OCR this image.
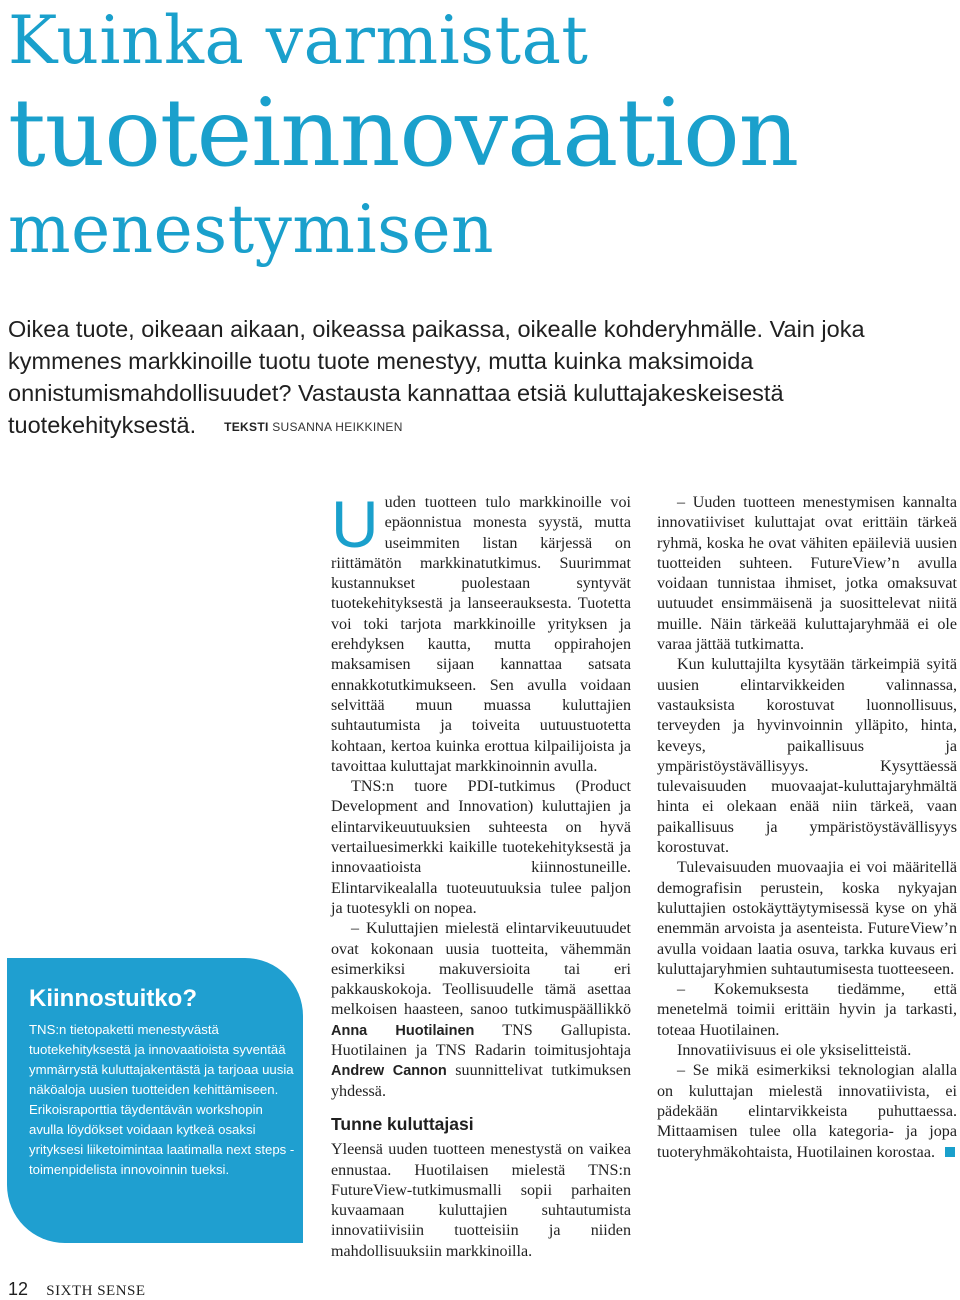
Kuinka varmistat
tuoteinnovaation
menestymisen

Oikea tuote, oikeaan aikaan, oikeassa paikassa, oikealle kohderyhmälle. Vain joka kymmenes markkinoille tuotu tuote menestyy, mutta kuinka maksimoida onnistumismahdollisuudet? Vastausta kannattaa etsiä kuluttajakeskeisestä tuotekehityksestä. TEKSTI SUSANNA HEIKKINEN

Kiinnostuitko?

TNS:n tietopaketti menestyvästä tuotekehityksestä ja innovaatioista syventää ymmärrystä kuluttajakentästä ja tarjoaa uusia näköaloja uusien tuotteiden kehittämiseen. Erikoisraporttia täydentävän workshopin avulla löydökset voidaan kytkeä osaksi yrityksesi liiketoimintaa laatimalla next steps -toimenpidelista innovoinnin tueksi.

Uuden tuotteen tulo markkinoille voi epäonnistua monesta syystä, mutta useimmiten listan kärjessä on riittämätön markkinatutkimus. Suurimmat kustannukset puolestaan syntyvät tuotekehityksestä ja lanseerauksesta. Tuotetta voi toki tarjota markkinoille yrityksen ja erehdyksen kautta, mutta oppirahojen maksamisen sijaan kannattaa satsata ennakkotutkimukseen. Sen avulla voidaan selvittää muun muassa kuluttajien suhtautumista ja toiveita uutuustuotetta kohtaan, kertoa kuinka erottua kilpailijoista ja tavoittaa kuluttajat markkinoinnin avulla.

TNS:n tuore PDI-tutkimus (Product Development and Innovation) kuluttajien ja elintarvikeuutuuksien suhteesta on hyvä vertailuesimerkki kaikille tuotekehityksestä ja innovaatioista kiinnostuneille. Elintarvikealalla tuoteuutuuksia tulee paljon ja tuotesykli on nopea.

– Kuluttajien mielestä elintarvikeuutuudet ovat kokonaan uusia tuotteita, vähemmän esimerkiksi makuversioita tai eri pakkauskokoja. Teollisuudelle tämä asettaa melkoisen haasteen, sanoo tutkimuspäällikkö Anna Huotilainen TNS Gallupista. Huotilainen ja TNS Radarin toimitusjohtaja Andrew Cannon suunnittelivat tutkimuksen yhdessä.

Tunne kuluttajasi

Yleensä uuden tuotteen menestystä on vaikea ennustaa. Huotilaisen mielestä TNS:n FutureView-tutkimusmalli sopii parhaiten kuvaamaan kuluttajien suhtautumista innovatiivisiin tuotteisiin ja niiden mahdollisuuksiin markkinoilla.

– Uuden tuotteen menestymisen kannalta innovatiiviset kuluttajat ovat erittäin tärkeä ryhmä, koska he ovat vähiten epäileviä uusien tuotteiden suhteen. FutureView’n avulla voidaan tunnistaa ihmiset, jotka omaksuvat uutuudet ensimmäisenä ja suosittelevat niitä muille. Näin tärkeää kuluttajaryhmää ei ole varaa jättää tutkimatta.

Kun kuluttajilta kysytään tärkeimpiä syitä uusien elintarvikkeiden valinnassa, vastauksista korostuvat luonnollisuus, terveyden ja hyvinvoinnin ylläpito, hinta, keveys, paikallisuus ja ympäristöystävällisyys. Kysyttäessä tulevaisuuden muovaajat-kuluttajaryhmältä hinta ei olekaan enää niin tärkeä, vaan paikallisuus ja ympäristöystävällisyys korostuvat.

Tulevaisuuden muovaajia ei voi määritellä demografisin perustein, koska nykyajan kuluttajien ostokäyttäytymisessä kyse on yhä enemmän arvoista ja asenteista. FutureView’n avulla voidaan laatia osuva, tarkka kuvaus eri kuluttajaryhmien suhtautumisesta tuotteeseen.

– Kokemuksesta tiedämme, että menetelmä toimii erittäin hyvin ja tarkasti, toteaa Huotilainen.

Innovatiivisuus ei ole yksiselitteistä.

– Se mikä esimerkiksi teknologian alalla on kuluttajan mielestä innovatiivista, ei pädekään elintarvikkeista puhuttaessa. Mittaamisen tulee olla kategoria- ja jopa tuoteryhmäkohtaista, Huotilainen korostaa.

12 SIXTH SENSE
